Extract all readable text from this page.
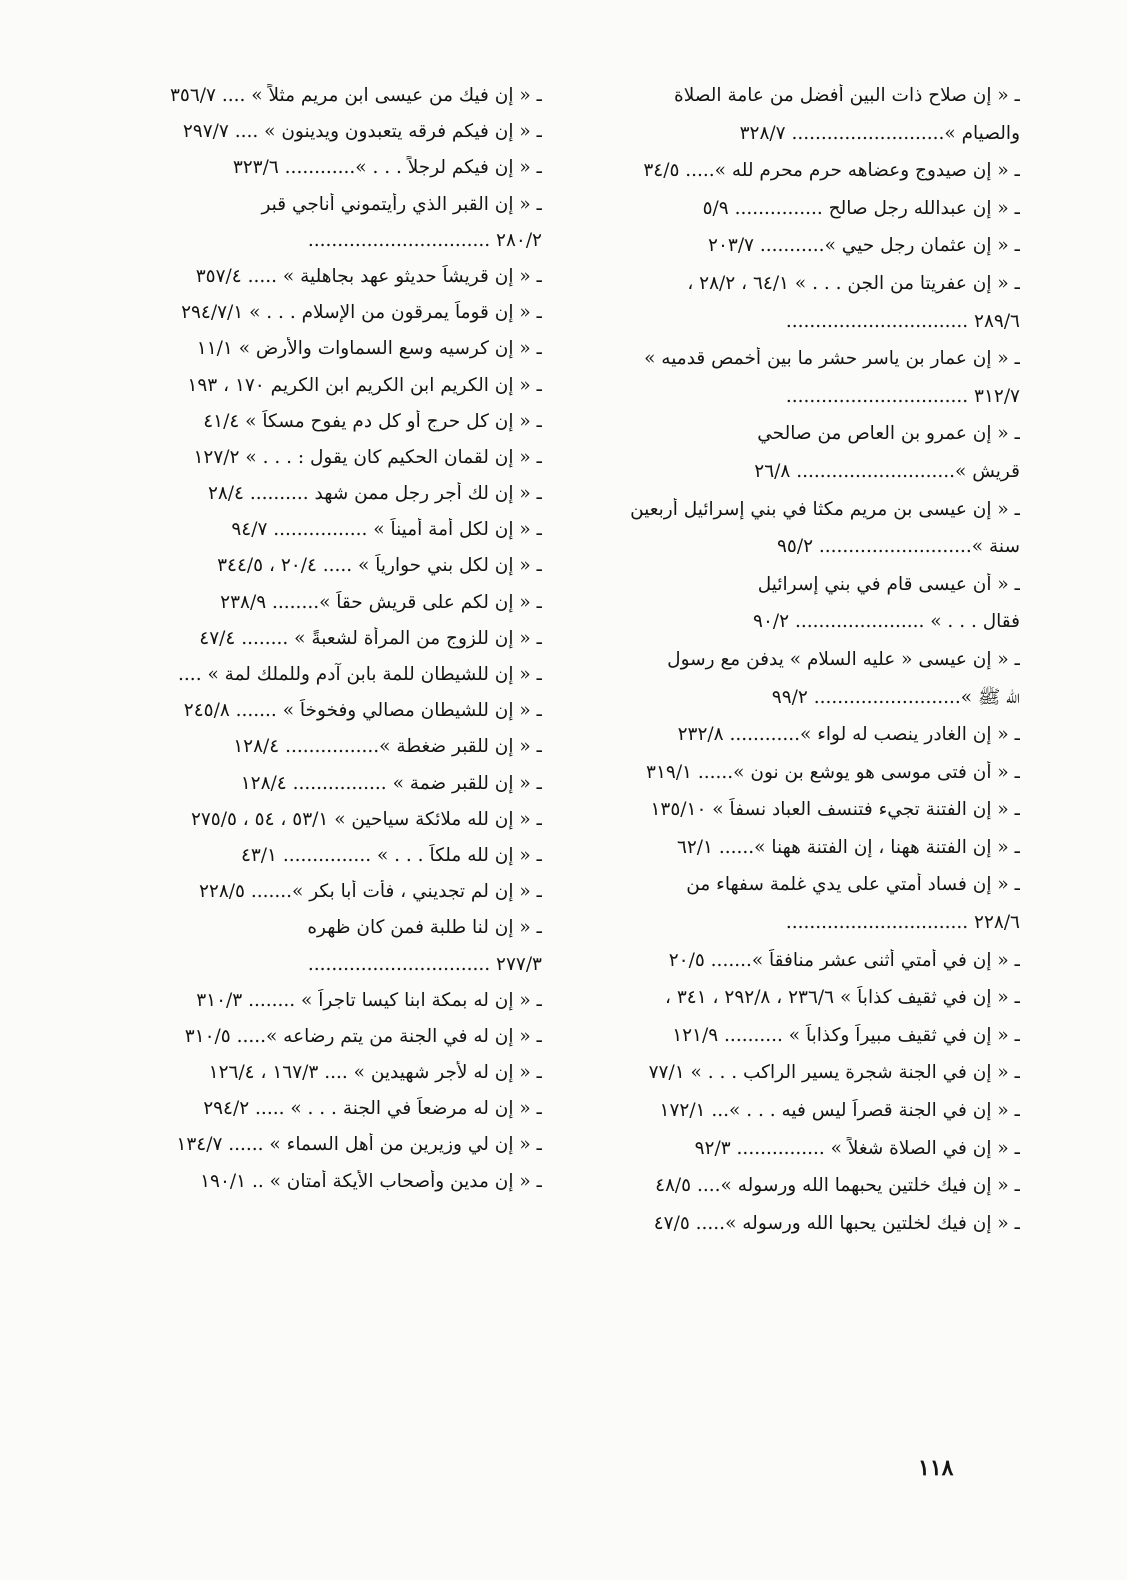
ـ « إن صلاح ذات البين أفضل من عامة الصلاة
والصيام ».......................... ٣٢٨/٧
ـ « إن صيدوج وعضاهه حرم محرم لله »..... ٣٤/٥
ـ « إن عبدالله رجل صالح ............... ٥/٩
ـ « إن عثمان رجل حيي »........... ٢٠٣/٧
ـ « إن عفريتا من الجن . . . » ٦٤/١ ، ٢٨/٢ ،
٢٨٩/٦ ...............................
ـ « إن عمار بن ياسر حشر ما بين أخمص قدميه »
٣١٢/٧ ...............................
ـ « إن عمرو بن العاص من صالحي
قريش »........................... ٢٦/٨
ـ « إن عيسى بن مريم مكثا في بني إسرائيل أربعين
سنة ».......................... ٩٥/٢
ـ « أن عيسى قام في بني إسرائيل
فقال . . . » ...................... ٩٠/٢
ـ « إن عيسى « عليه السلام » يدفن مع رسول
الله ﷺ »......................... ٩٩/٢
ـ « إن الغادر ينصب له لواء »............ ٢٣٢/٨
ـ « أن فتى موسى هو يوشع بن نون »...... ٣١٩/١
ـ « إن الفتنة تجيء فتنسف العباد نسفاً » ١٣٥/١٠
ـ « إن الفتنة ههنا ، إن الفتنة ههنا »...... ٦٢/١
ـ « إن فساد أمتي على يدي غلمة سفهاء من
٢٢٨/٦ ...............................
ـ « إن في أمتي أثنى عشر منافقاً »....... ٢٠/٥
ـ « إن في ثقيف كذاباً » ٢٣٦/٦ ، ٢٩٢/٨ ، ٣٤١ ،
ـ « إن في ثقيف مبيراً وكذاباً » .......... ١٢١/٩
ـ « إن في الجنة شجرة يسير الراكب . . . » ٧٧/١
ـ « إن في الجنة قصراً ليس فيه . . . »... ١٧٢/١
ـ « إن في الصلاة شغلاً » ............... ٩٢/٣
ـ « إن فيك خلتين يحبهما الله ورسوله ».... ٤٨/٥
ـ « إن فيك لخلتين يحبها الله ورسوله »..... ٤٧/٥
ـ « إن فيك من عيسى ابن مريم مثلاً » .... ٣٥٦/٧
ـ « إن فيكم فرقه يتعبدون ويدينون » .... ٢٩٧/٧
ـ « إن فيكم لرجلاً . . . »............ ٣٢٣/٦
ـ « إن القبر الذي رأيتموني أناجي قبر
٢٨٠/٢ ...............................
ـ « إن قريشاً حديثو عهد بجاهلية » ..... ٣٥٧/٤
ـ « إن قوماً يمرقون من الإسلام . . . » ٢٩٤/٧/١
ـ « إن كرسيه وسع السماوات والأرض » ١١/١
ـ « إن الكريم ابن الكريم ابن الكريم ١٧٠ ، ١٩٣
ـ « إن كل حرج أو كل دم يفوح مسكاً » ٤١/٤
ـ « إن لقمان الحكيم كان يقول : . . . » ١٢٧/٢
ـ « إن لك أجر رجل ممن شهد .......... ٢٨/٤
ـ « إن لكل أمة أميناً » ................ ٩٤/٧
ـ « إن لكل بني حوارياً » ..... ٢٠/٤ ، ٣٤٤/٥
ـ « إن لكم على قريش حقاً »........ ٢٣٨/٩
ـ « إن للزوج من المرأة لشعبةً » ........ ٤٧/٤
ـ « إن للشيطان للمة بابن آدم وللملك لمة » ....
ـ « إن للشيطان مصالي وفخوخاً » ....... ٢٤٥/٨
ـ « إن للقبر ضغطة »................ ١٢٨/٤
ـ « إن للقبر ضمة » ................ ١٢٨/٤
ـ « إن لله ملائكة سياحين » ٥٣/١ ، ٥٤ ، ٢٧٥/٥
ـ « إن لله ملكاً . . . » ............... ٤٣/١
ـ « إن لم تجديني ، فأت أبا بكر »....... ٢٢٨/٥
ـ « إن لنا طلبة فمن كان ظهره
٢٧٧/٣ ...............................
ـ « إن له بمكة ابنا كيسا تاجراً » ........ ٣١٠/٣
ـ « إن له في الجنة من يتم رضاعه »..... ٣١٠/٥
ـ « إن له لأجر شهيدين » .... ١٦٧/٣ ، ١٢٦/٤
ـ « إن له مرضعاً في الجنة . . . » ..... ٢٩٤/٢
ـ « إن لي وزيرين من أهل السماء » ...... ١٣٤/٧
ـ « إن مدين وأصحاب الأيكة أمتان » .. ١٩٠/١
١١٨
